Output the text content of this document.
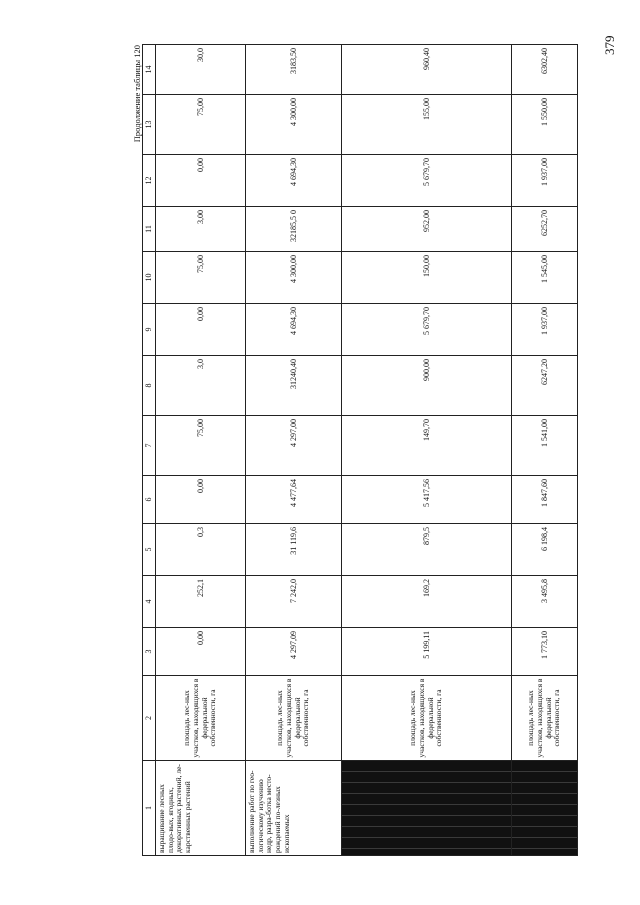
379
Продолжение таблицы 120
1	2	3	4	5	6	7	8	9	10	11	12	13	14
выращивание лесных плодо-вых, ягодных, декоративных растений, ле-карственных растений	площадь лес-ных участков, находящихся в федеральной собственности, га	0,00	252,1	0,3	0,00	75,00	3,0	0,00	75,00	3,00	0,00	75,00	30,0
выполнение работ по гео-логическому изучению недр, разра-ботка место-рождений по-лезных ископаемых	площадь лес-ных участков, находящихся в федеральной собственности, га	4 297,09	7 242,0	31 119,6	4 477,64	4 297,00	31240,40	4 694,30	4 300,00	32185,5 0	4 694,30	4 300,00	3183,50

	площадь лес-ных участков, находящихся в федеральной собственности, га	5 199,11	169,2	879,5	5 417,56	149,70	900,00	5 679,70	150,00	952,00	5 679,70	155,00	960,40

	площадь лес-ных участков, находящихся в федеральной собственности, га	1 773,10	3 495,8	6 198,4	1 847,60	1 541,00	6247,20	1 937,00	1 545,00	6252,70	1 937,00	1 550,00	6302,40
